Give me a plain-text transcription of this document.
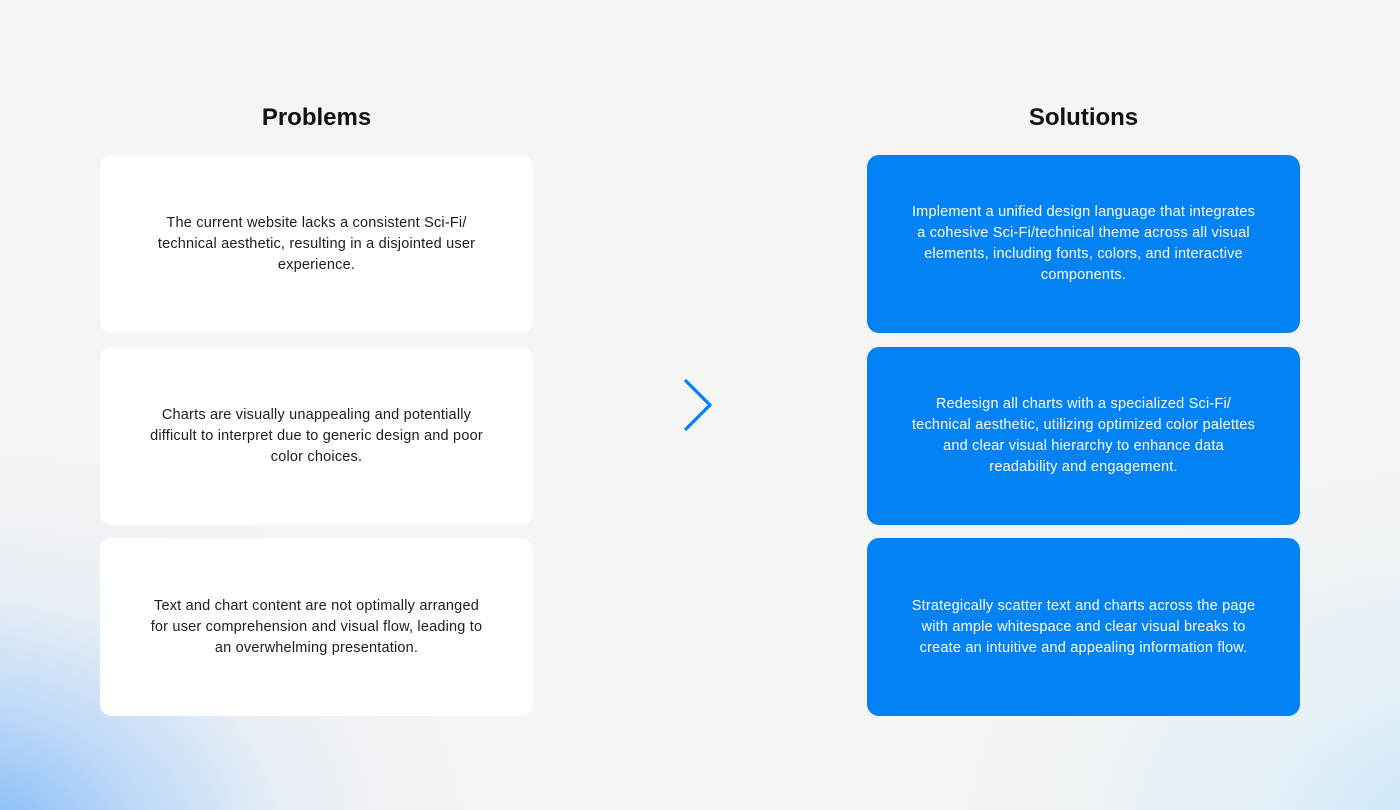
Problems
The current website lacks a consistent Sci-Fi/ technical aesthetic, resulting in a disjointed user experience.
Charts are visually unappealing and potentially difficult to interpret due to generic design and poor color choices.
Text and chart content are not optimally arranged for user comprehension and visual flow, leading to an overwhelming presentation.
Solutions
Implement a unified design language that integrates a cohesive Sci-Fi/technical theme across all visual elements, including fonts, colors, and interactive components.
Redesign all charts with a specialized Sci-Fi/ technical aesthetic, utilizing optimized color palettes and clear visual hierarchy to enhance data readability and engagement.
Strategically scatter text and charts across the page with ample whitespace and clear visual breaks to create an intuitive and appealing information flow.
